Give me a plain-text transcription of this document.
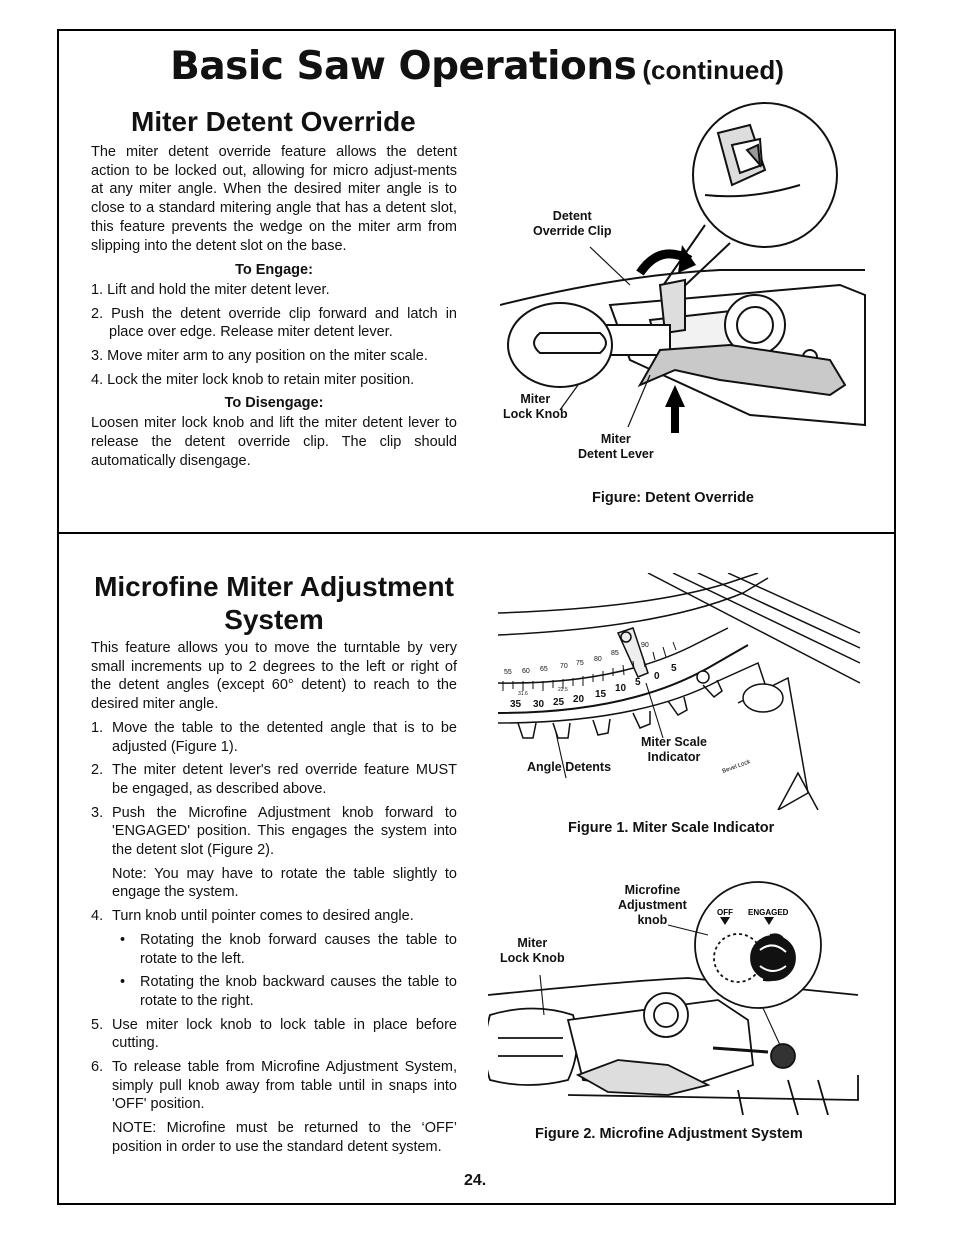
Basic Saw Operations (continued)
Miter Detent Override
The miter detent override feature allows the detent action to be locked out, allowing for micro adjust-ments at any miter angle. When the desired miter angle is to close to a standard mitering angle that has a detent slot, this feature prevents the wedge on the miter arm from slipping into the detent slot on the base.
To Engage:
1. Lift and hold the miter detent lever.
2. Push the detent override clip forward and latch in place over edge. Release miter detent lever.
3. Move miter arm to any position on the miter scale.
4. Lock the miter lock knob to retain miter position.
To Disengage:
Loosen miter lock knob and lift the miter detent lever to release the detent override clip. The clip should automatically disengage.
Detent
Override Clip
Miter
Lock Knob
Miter
Detent Lever
Figure: Detent Override
Microfine Miter Adjustment System
This feature allows you to move the turntable by very small increments up to 2 degrees to the left or right of the detent angles (except 60° detent) to reach to the desired miter angle.
1. Move the table to the detented angle that is to be adjusted (Figure 1).
2. The miter detent lever's red override feature MUST be engaged, as described above.
3. Push the Microfine Adjustment knob forward to 'ENGAGED' position. This engages the system into the detent slot (Figure 2).

Note: You may have to rotate the table slightly to engage the system.

4. Turn knob until pointer comes to desired angle.
• Rotating the knob forward causes the table to rotate to the left.
• Rotating the knob backward causes the table to rotate to the right.
5. Use miter lock knob to lock table in place before cutting.
6. To release table from Microfine Adjustment System, simply pull knob away from table until in snaps into 'OFF' position.

NOTE: Microfine must be returned to the ‘OFF’ position in order to use the standard detent system.

Bevel Lock
55 60 65 70 75
80
85
90
35 30 25 20 15
10
5
0
5
31.6
22.5
Miter Scale
Indicator
Angle Detents
Figure 1. Miter Scale Indicator
OFF ENGAGED
Microfine
Adjustment
knob
Miter
Lock Knob
Figure 2. Microfine Adjustment System
24.
